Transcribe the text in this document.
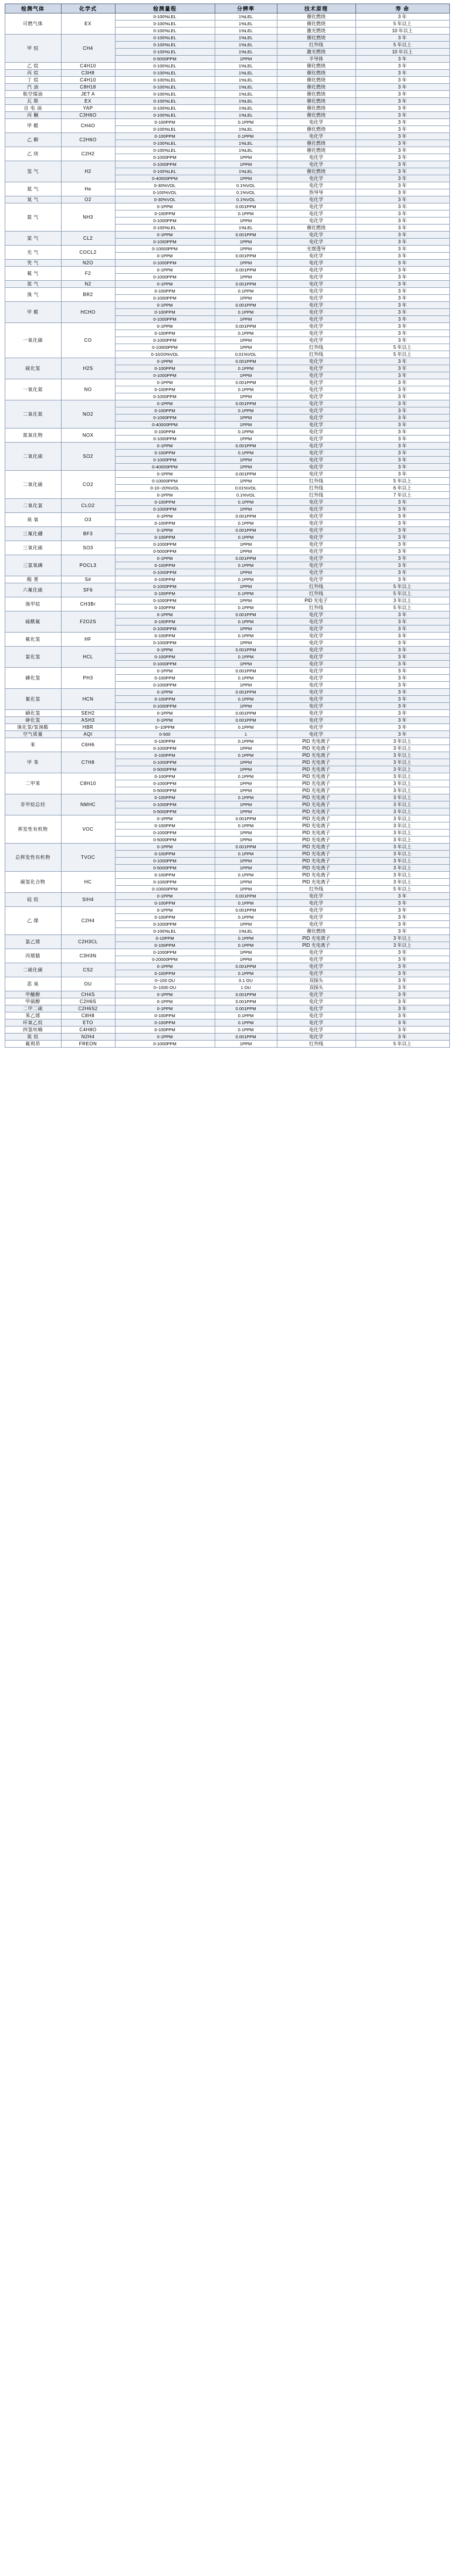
检测气体	化学式	检测量程	分辨率	技术原理	寿 命
可燃气体	EX	0-100%LEL	1%LEL	催化燃烧	3 年
		0-100%LEL	1%LEL	催化燃烧	5 年以上
		0-100%LEL	1%LEL	激光燃烧	10 年以上
甲 烷	CH4	0-100%LEL	1%LEL	催化燃烧	3 年
		0-100%LEL	1%LEL	红外线	5 年以上
		0-100%LEL	1%LEL	激光燃烧	10 年以上
		0-5000PPM	1PPM	半导体	3 年
乙 烷	C4H10	0-100%LEL	1%LEL	催化燃烧	3 年
丙 烷	C3H8	0-100%LEL	1%LEL	催化燃烧	3 年
丁 烷	C4H10	0-100%LEL	1%LEL	催化燃烧	3 年
汽 油	C8H18	0-100%LEL	1%LEL	催化燃烧	3 年
航空煤油	JET A	0-100%LEL	1%LEL	催化燃烧	3 年
瓦 斯	EX	0-100%LEL	1%LEL	催化燃烧	3 年
自 电 油	YAP	0-100%LEL	1%LEL	催化燃烧	3 年
丙 酮	C3H6O	0-100%LEL	1%LEL	催化燃烧	3 年
甲 醛	CH4O	0-100PPM	0.1PPM	电化学	3 年
		0-100%LEL	1%LEL	催化燃烧	3 年
乙 醇	C2H6O	0-100PPM	0.1PPM	电化学	3 年
		0-100%LEL	1%LEL	催化燃烧	3 年
乙 炔	C2H2	0-100%LEL	1%LEL	催化燃烧	3 年
		0-1000PPM	1PPM	电化学	3 年
氢 气	H2	0-1000PPM	1PPM	电化学	3 年
		0-100%LEL	1%LEL	催化燃烧	3 年
		0-40000PPM	1PPM	电化学	3 年
氦 气	He	0-30%VOL	0.1%VOL	电化学	3 年
		0-100%VOL	0.1%VOL	热导导	3 年
氧 气	O2	0-30%VOL	0.1%VOL	电化学	3 年
氨 气	NH3	0-1PPM	0.001PPM	电化学	3 年
		0-100PPM	0.1PPM	电化学	3 年
		0-1000PPM	1PPM	电化学	3 年
		0-100%LEL	1%LEL	催化燃烧	3 年
氯 气	CL2	0-1PPM	0.001PPM	电化学	3 年
		0-1000PPM	1PPM	电化学	3 年
光 气	COCL2	0-10000PPM	1PPM	光察透导	3 年
		0-1PPM	0.001PPM	电化学	3 年
笑 气	N2O	0-1000PPM	1PPM	电化学	3 年
氟 气	F2	0-1PPM	0.001PPM	电化学	3 年
		0-1000PPM	1PPM	电化学	3 年
氮 气	N2	0-1PPM	0.001PPM	电化学	3 年
溴 气	BR2	0-100PPM	0.1PPM	电化学	3 年
		0-1000PPM	1PPM	电化学	3 年
甲 醛	HCHO	0-1PPM	0.001PPM	电化学	3 年
		0-100PPM	0.1PPM	电化学	3 年
		0-1000PPM	1PPM	电化学	3 年
一氧化碳	CO	0-1PPM	0.001PPM	电化学	3 年
		0-100PPM	0.1PPM	电化学	3 年
		0-1000PPM	1PPM	电化学	3 年
		0-10000PPM	1PPM	红外线	5 年以上
		0-10/20%VOL	0.01%VOL	红外线	5 年以上
硫化氢	H2S	0-1PPM	0.001PPM	电化学	3 年
		0-100PPM	0.1PPM	电化学	3 年
		0-1000PPM	1PPM	电化学	3 年
一氧化氮	NO	0-1PPM	0.001PPM	电化学	3 年
		0-100PPM	0.1PPM	电化学	3 年
		0-1000PPM	1PPM	电化学	3 年
二氧化氮	NO2	0-1PPM	0.001PPM	电化学	3 年
		0-100PPM	0.1PPM	电化学	3 年
		0-1000PPM	1PPM	电化学	3 年
		0-40000PPM	1PPM	电化学	3 年
氮氧化物	NOX	0-100PPM	0.1PPM	电化学	3 年
		0-1000PPM	1PPM	电化学	3 年
二氧化硫	SO2	0-1PPM	0.001PPM	电化学	3 年
		0-100PPM	0.1PPM	电化学	3 年
		0-1000PPM	1PPM	电化学	3 年
		0-40000PPM	1PPM	电化学	3 年
二氧化碳	CO2	0-1PPM	0.001PPM	电化学	3 年
		0-10000PPM	1PPM	红外线	5 年以上
		0-10~20%VOL	0.01%VOL	红外线	6 年以上
		0-1PPM	0.1%VOL	红外线	7 年以上
二氧化氯	CLO2	0-100PPM	0.1PPM	电化学	3 年
		0-1000PPM	1PPM	电化学	3 年
臭 氧	O3	0-1PPM	0.001PPM	电化学	3 年
		0-100PPM	0.1PPM	电化学	3 年
三氟化硼	BF3	0-1PPM	0.001PPM	电化学	3 年
		0-100PPM	0.1PPM	电化学	3 年
三氧化硫	SO3	0-1000PPM	1PPM	电化学	3 年
		0-5000PPM	1PPM	电化学	3 年
三氯氧磷	POCL3	0-1PPM	0.001PPM	电化学	3 年
		0-100PPM	0.1PPM	电化学	3 年
		0-1000PPM	1PPM	电化学	3 年
酸 雾	S#	0-100PPM	0.1PPM	电化学	3 年
六氟化硫	SF6	0-1000PPM	1PPM	红外线	5 年以上
		0-100PPM	0.1PPM	红外线	5 年以上
溴甲烷	CH3Br	0-1000PPM	1PPM	PID 光电子	3 年以上
		0-100PPM	0.1PPM	红外线	5 年以上
硫酰氟	F2O2S	0-1PPM	0.001PPM	电化学	3 年
		0-100PPM	0.1PPM	电化学	3 年
		0-1000PPM	1PPM	电化学	3 年
氟化氢	HF	0-100PPM	0.1PPM	电化学	3 年
		0-1000PPM	1PPM	电化学	3 年
氯化氢	HCL	0-1PPM	0.001PPM	电化学	3 年
		0-100PPM	0.1PPM	电化学	3 年
		0-1000PPM	1PPM	电化学	3 年
磷化氢	PH3	0-1PPM	0.001PPM	电化学	3 年
		0-100PPM	0.1PPM	电化学	3 年
		0-1000PPM	1PPM	电化学	3 年
氰化氢	HCN	0-1PPM	0.001PPM	电化学	3 年
		0-100PPM	0.1PPM	电化学	3 年
		0-1000PPM	1PPM	电化学	3 年
硒化氢	SEH2	0-1PPM	0.001PPM	电化学	3 年
砷化氢	ASH3	0-1PPM	0.001PPM	电化学	3 年
溴化氢/氢溴酸	HBR	0~10PPM	0.1PPM	电化学	3 年
空气质量	AQI	0-500	1	电化学	3 年
苯	C6H6	0-100PPM	0.1PPM	PID 光电离子	3 年以上
		0-1000PPM	1PPM	PID 光电离子	3 年以上
甲 苯	C7H8	0-100PPM	0.1PPM	PID 光电离子	3 年以上
		0-1000PPM	1PPM	PID 光电离子	3 年以上
		0-5000PPM	1PPM	PID 光电离子	3 年以上
二甲苯	C8H10	0-100PPM	0.1PPM	PID 光电离子	3 年以上
		0-1000PPM	1PPM	PID 光电离子	3 年以上
		0-5000PPM	1PPM	PID 光电离子	3 年以上
非甲烷总烃	NMHC	0-100PPM	0.1PPM	PID 光电离子	3 年以上
		0-1000PPM	1PPM	PID 光电离子	3 年以上
		0-5000PPM	1PPM	PID 光电离子	3 年以上
挥发性有机物	VOC	0-1PPM	0.001PPM	PID 光电离子	3 年以上
		0-100PPM	0.1PPM	PID 光电离子	3 年以上
		0-1000PPM	1PPM	PID 光电离子	3 年以上
		0-5000PPM	1PPM	PID 光电离子	3 年以上
总挥发性有机物	TVOC	0-1PPM	0.001PPM	PID 光电离子	3 年以上
		0-100PPM	0.1PPM	PID 光电离子	3 年以上
		0-1000PPM	1PPM	PID 光电离子	3 年以上
		0-5000PPM	1PPM	PID 光电离子	3 年以上
碳氢化合物	HC	0-100PPM	0.1PPM	PID 光电离子	3 年以上
		0-1000PPM	1PPM	PID 光电离子	3 年以上
		0-10000PPM	1PPM	红外线	5 年以上
硅 烷	SIH4	0-1PPM	0.001PPM	电化学	3 年
		0-100PPM	0.1PPM	电化学	3 年
乙 烯	C2H4	0-1PPM	0.001PPM	电化学	3 年
		0-100PPM	0.1PPM	电化学	3 年
		0-1000PPM	1PPM	电化学	3 年
		0-100%LEL	1%LEL	催化燃烧	3 年
氯乙烯	C2H3CL	0-10PPM	0.1PPM	PID 光电离子	3 年以上
		0-100PPM	0.1PPM	PID 光电离子	3 年以上
丙烯腈	C3H3N	0-1000PPM	1PPM	电化学	3 年
		0-20000PPM	1PPM	电化学	3 年
二硫化碳	CS2	0-1PPM	0.001PPM	电化学	3 年
		0-100PPM	0.1PPM	电化学	3 年
恶 臭	OU	0~100 OU	0.1 OU	双探头	3 年
		0~1000 OU	1 OU	双探头	3 年
甲醚醇	CH4S	0-1PPM	0.001PPM	电化学	3 年
甲硫醇	C2H6S	0-1PPM	0.001PPM	电化学	3 年
二甲二硫	C2H6S2	0-1PPM	0.001PPM	电化学	3 年
苯乙烯	C8H8	0-100PPM	0.1PPM	电化学	3 年
环氧乙烷	ETO	0-100PPM	0.1PPM	电化学	3 年
四氢呋喃	C4H8O	0-100PPM	0.1PPM	电化学	3 年
氮 烷	N2H4	0-1PPM	0.001PPM	电化学	3 年
氟利昂	FREON	0-1000PPM	1PPM	红外线	5 年以上
